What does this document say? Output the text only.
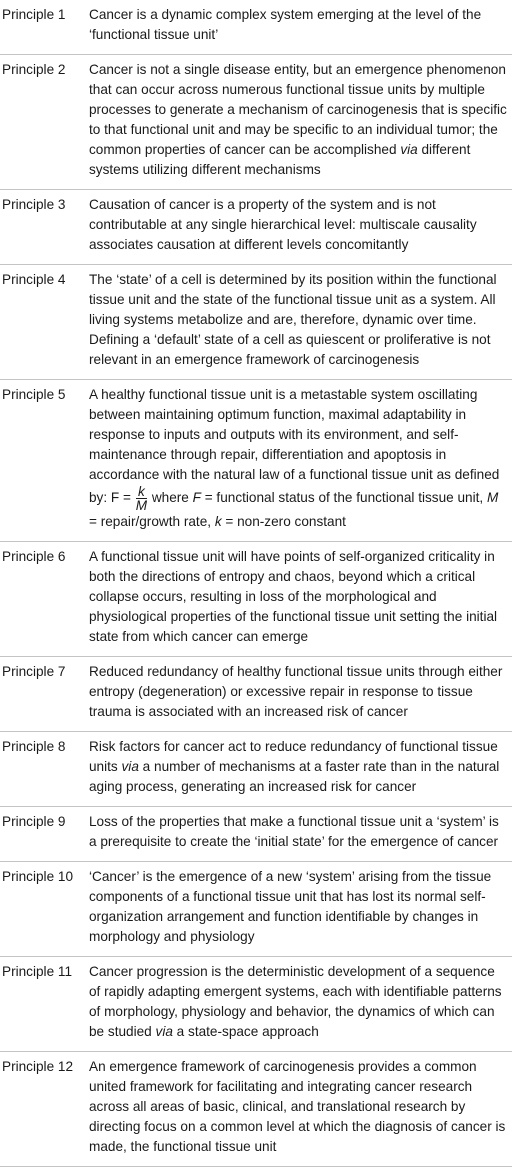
Principle 1	Cancer is a dynamic complex system emerging at the level of the ‘functional tissue unit’
Principle 2	Cancer is not a single disease entity, but an emergence phenomenon that can occur across numerous functional tissue units by multiple processes to generate a mechanism of carcinogenesis that is specific to that functional unit and may be specific to an individual tumor; the common properties of cancer can be accomplished via different systems utilizing different mechanisms
Principle 3	Causation of cancer is a property of the system and is not contributable at any single hierarchical level: multiscale causality associates causation at different levels concomitantly
Principle 4	The ‘state’ of a cell is determined by its position within the functional tissue unit and the state of the functional tissue unit as a system. All living systems metabolize and are, therefore, dynamic over time. Defining a ‘default’ state of a cell as quiescent or proliferative is not relevant in an emergence framework of carcinogenesis
Principle 5	A healthy functional tissue unit is a metastable system oscillating between maintaining optimum function, maximal adaptability in response to inputs and outputs with its environment, and self-maintenance through repair, differentiation and apoptosis in accordance with the natural law of a functional tissue unit as defined by: $F = \frac{k}{M}$ where F = functional status of the functional tissue unit, M = repair/growth rate, k = non-zero constant
Principle 6	A functional tissue unit will have points of self-organized criticality in both the directions of entropy and chaos, beyond which a critical collapse occurs, resulting in loss of the morphological and physiological properties of the functional tissue unit setting the initial state from which cancer can emerge
Principle 7	Reduced redundancy of healthy functional tissue units through either entropy (degeneration) or excessive repair in response to tissue trauma is associated with an increased risk of cancer
Principle 8	Risk factors for cancer act to reduce redundancy of functional tissue units via a number of mechanisms at a faster rate than in the natural aging process, generating an increased risk for cancer
Principle 9	Loss of the properties that make a functional tissue unit a ‘system’ is a prerequisite to create the ‘initial state’ for the emergence of cancer
Principle 10	‘Cancer’ is the emergence of a new ‘system’ arising from the tissue components of a functional tissue unit that has lost its normal self-organization arrangement and function identifiable by changes in morphology and physiology
Principle 11	Cancer progression is the deterministic development of a sequence of rapidly adapting emergent systems, each with identifiable patterns of morphology, physiology and behavior, the dynamics of which can be studied via a state-space approach
Principle 12	An emergence framework of carcinogenesis provides a common united framework for facilitating and integrating cancer research across all areas of basic, clinical, and translational research by directing focus on a common level at which the diagnosis of cancer is made, the functional tissue unit
